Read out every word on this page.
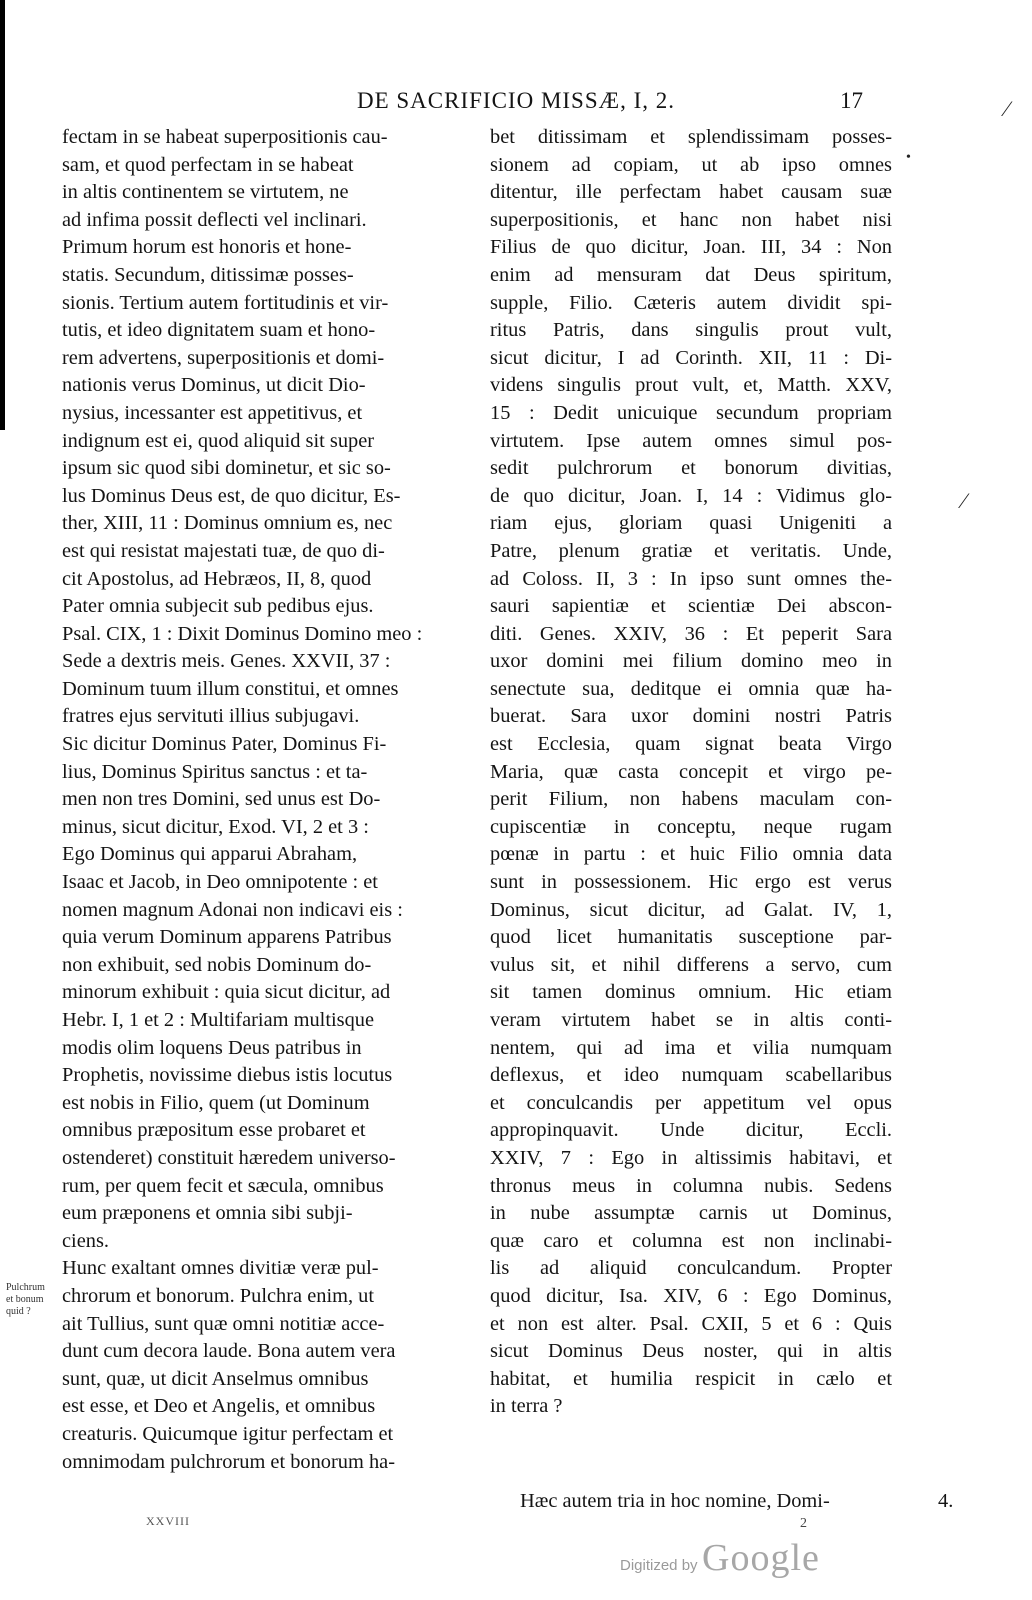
DE SACRIFICIO MISSÆ, I, 2.	17
fectam in se habeat superpositionis cau-
sam, et quod perfectam in se habeat
in altis continentem se virtutem, ne
ad infima possit deflecti vel inclinari.
Primum horum est honoris et hone-
statis. Secundum, ditissimæ posses-
sionis. Tertium autem fortitudinis et vir-
tutis, et ideo dignitatem suam et hono-
rem advertens, superpositionis et domi-
nationis verus Dominus, ut dicit Dio-
nysius, incessanter est appetitivus, et
indignum est ei, quod aliquid sit super
ipsum sic quod sibi dominetur, et sic so-
lus Dominus Deus est, de quo dicitur, Es-
ther, XIII, 11 : Dominus omnium es, nec
est qui resistat majestati tuæ, de quo di-
cit Apostolus, ad Hebræos, II, 8, quod
Pater omnia subjecit sub pedibus ejus.
Psal. CIX, 1 : Dixit Dominus Domino meo :
Sede a dextris meis. Genes. XXVII, 37 :
Dominum tuum illum constitui, et omnes
fratres ejus servituti illius subjugavi.
Sic dicitur Dominus Pater, Dominus Fi-
lius, Dominus Spiritus sanctus : et ta-
men non tres Domini, sed unus est Do-
minus, sicut dicitur, Exod. VI, 2 et 3 :
Ego Dominus qui apparui Abraham,
Isaac et Jacob, in Deo omnipotente : et
nomen magnum Adonai non indicavi eis :
quia verum Dominum apparens Patribus
non exhibuit, sed nobis Dominum do-
minorum exhibuit : quia sicut dicitur, ad
Hebr. I, 1 et 2 : Multifariam multisque
modis olim loquens Deus patribus in
Prophetis, novissime diebus istis locutus
est nobis in Filio, quem (ut Dominum
omnibus præpositum esse probaret et
ostenderet) constituit hæredem universo-
rum, per quem fecit et sæcula, omnibus
eum præponens et omnia sibi subji-
ciens.
Hunc exaltant omnes divitiæ veræ pul-
chrorum et bonorum. Pulchra enim, ut
ait Tullius, sunt quæ omni notitiæ acce-
dunt cum decora laude. Bona autem vera
sunt, quæ, ut dicit Anselmus omnibus
est esse, et Deo et Angelis, et omnibus
creaturis. Quicumque igitur perfectam et
omnimodam pulchrorum et bonorum ha-
bet ditissimam et splendissimam posses-
sionem ad copiam, ut ab ipso omnes
ditentur, ille perfectam habet causam suæ
superpositionis, et hanc non habet nisi
Filius de quo dicitur, Joan. III, 34 : Non
enim ad mensuram dat Deus spiritum,
supple, Filio. Cæteris autem dividit spi-
ritus Patris, dans singulis prout vult,
sicut dicitur, I ad Corinth. XII, 11 : Di-
videns singulis prout vult, et, Matth. XXV,
15 : Dedit unicuique secundum propriam
virtutem. Ipse autem omnes simul pos-
sedit pulchrorum et bonorum divitias,
de quo dicitur, Joan. I, 14 : Vidimus glo-
riam ejus, gloriam quasi Unigeniti a
Patre, plenum gratiæ et veritatis. Unde,
ad Coloss. II, 3 : In ipso sunt omnes the-
sauri sapientiæ et scientiæ Dei abscon-
diti. Genes. XXIV, 36 : Et peperit Sara
uxor domini mei filium domino meo in
senectute sua, deditque ei omnia quæ ha-
buerat. Sara uxor domini nostri Patris
est Ecclesia, quam signat beata Virgo
Maria, quæ casta concepit et virgo pe-
perit Filium, non habens maculam con-
cupiscentiæ in conceptu, neque rugam
pœnæ in partu : et huic Filio omnia data
sunt in possessionem. Hic ergo est verus
Dominus, sicut dicitur, ad Galat. IV, 1,
quod licet humanitatis susceptione par-
vulus sit, et nihil differens a servo, cum
sit tamen dominus omnium. Hic etiam
veram virtutem habet se in altis conti-
nentem, qui ad ima et vilia numquam
deflexus, et ideo numquam scabellaribus
et conculcandis per appetitum vel opus
appropinquavit. Unde dicitur, Eccli.
XXIV, 7 : Ego in altissimis habitavi, et
thronus meus in columna nubis. Sedens
in nube assumptæ carnis ut Dominus,
quæ caro et columna est non inclinabi-
lis ad aliquid conculcandum. Propter
quod dicitur, Isa. XIV, 6 : Ego Dominus,
et non est alter. Psal. CXII, 5 et 6 : Quis
sicut Dominus Deus noster, qui in altis
habitat, et humilia respicit in cælo et
in terra ?
Pulchrum
et bonum
quid ?
Hæc autem tria in hoc nomine, Domi-	4.
XXVIII	2
Digitized by Google
⁄
•
⁄
